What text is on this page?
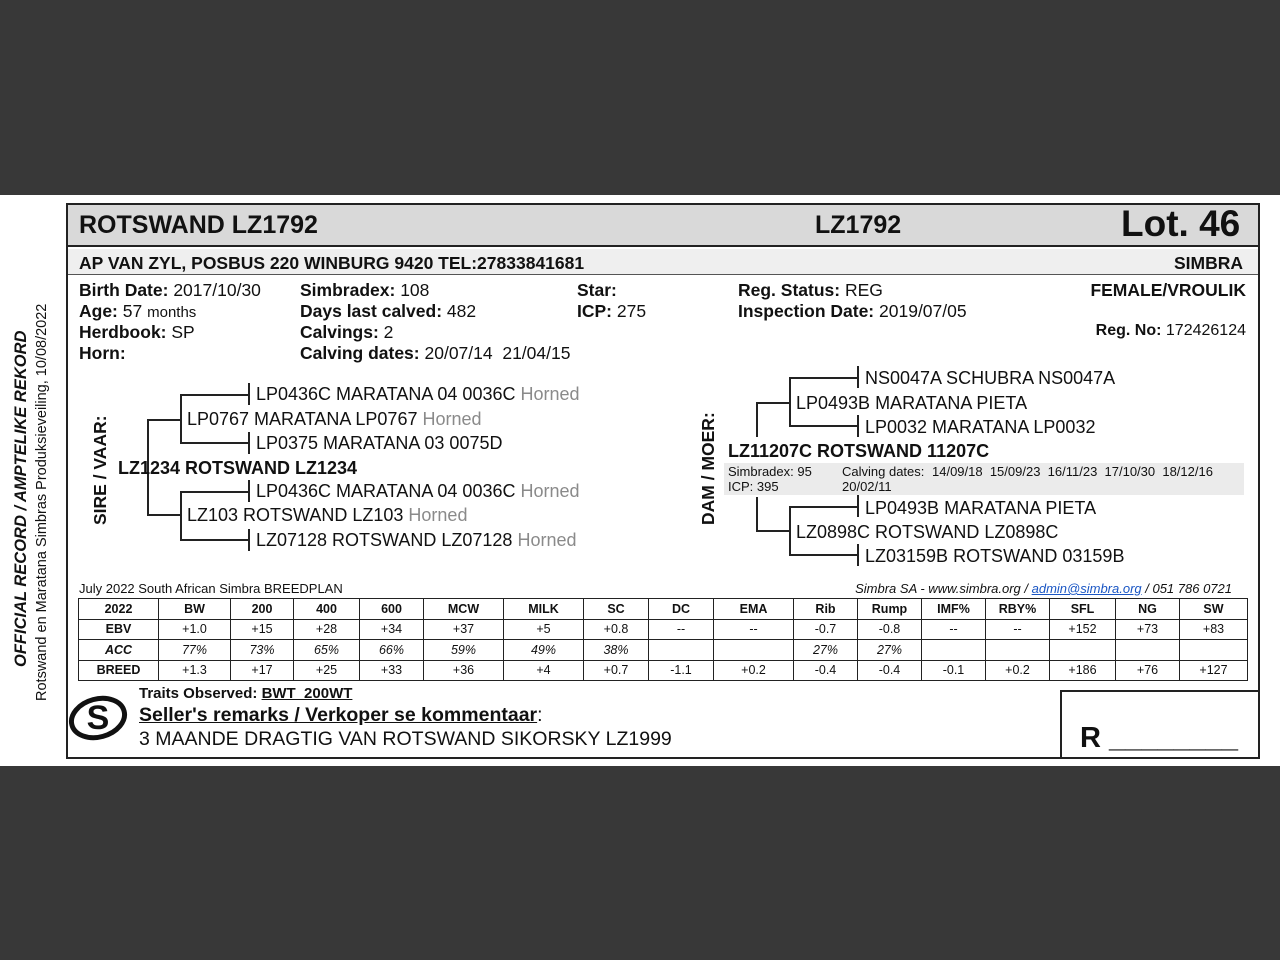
OFFICIAL RECORD / AMPTELIKE REKORD Rotswand en Maratana Simbras Produksieveiling, 10/08/2022
ROTSWAND LZ1792	LZ1792	Lot. 46
AP VAN ZYL, POSBUS 220 WINBURG 9420 TEL:27833841681	SIMBRA
Birth Date: 2017/10/30
Age: 57 months
Herdbook: SP
Horn:
Simbradex: 108
Days last calved: 482
Calvings: 2
Calving dates: 20/07/14  21/04/15
Star:
ICP: 275
Reg. Status: REG
Inspection Date: 2019/07/05
FEMALE/VROULIK
Reg. No: 172426124
SIRE / VAAR:
LP0436C MARATANA 04 0036C Horned
LP0767 MARATANA LP0767 Horned
LP0375 MARATANA 03 0075D
LZ1234 ROTSWAND LZ1234
LP0436C MARATANA 04 0036C Horned
LZ103 ROTSWAND LZ103 Horned
LZ07128 ROTSWAND LZ07128 Horned
DAM / MOER:
NS0047A SCHUBRA NS0047A
LP0493B MARATANA PIETA
LP0032 MARATANA LP0032
LZ11207C ROTSWAND 11207C
Simbradex: 95
ICP: 395
Calving dates: 14/09/18  15/09/23  16/11/23  17/10/30  18/12/16
20/02/11
LP0493B MARATANA PIETA
LZ0898C ROTSWAND LZ0898C
LZ03159B ROTSWAND 03159B
July 2022 South African Simbra BREEDPLAN	Simbra SA - www.simbra.org / admin@simbra.org / 051 786 0721
2022	BW	200	400	600	MCW	MILK	SC	DC	EMA	Rib	Rump	IMF%	RBY%	SFL	NG	SW
EBV	+1.0	+15	+28	+34	+37	+5	+0.8	--	--	-0.7	-0.8	--	--	+152	+73	+83
ACC	77%	73%	65%	66%	59%	49%	38%			27%	27%					
BREED	+1.3	+17	+25	+33	+36	+4	+0.7	-1.1	+0.2	-0.4	-0.4	-0.1	+0.2	+186	+76	+127
S
Traits Observed: BWT  200WT
Seller's remarks / Verkoper se kommentaar:
3 MAANDE DRAGTIG VAN ROTSWAND SIKORSKY LZ1999	R ________
